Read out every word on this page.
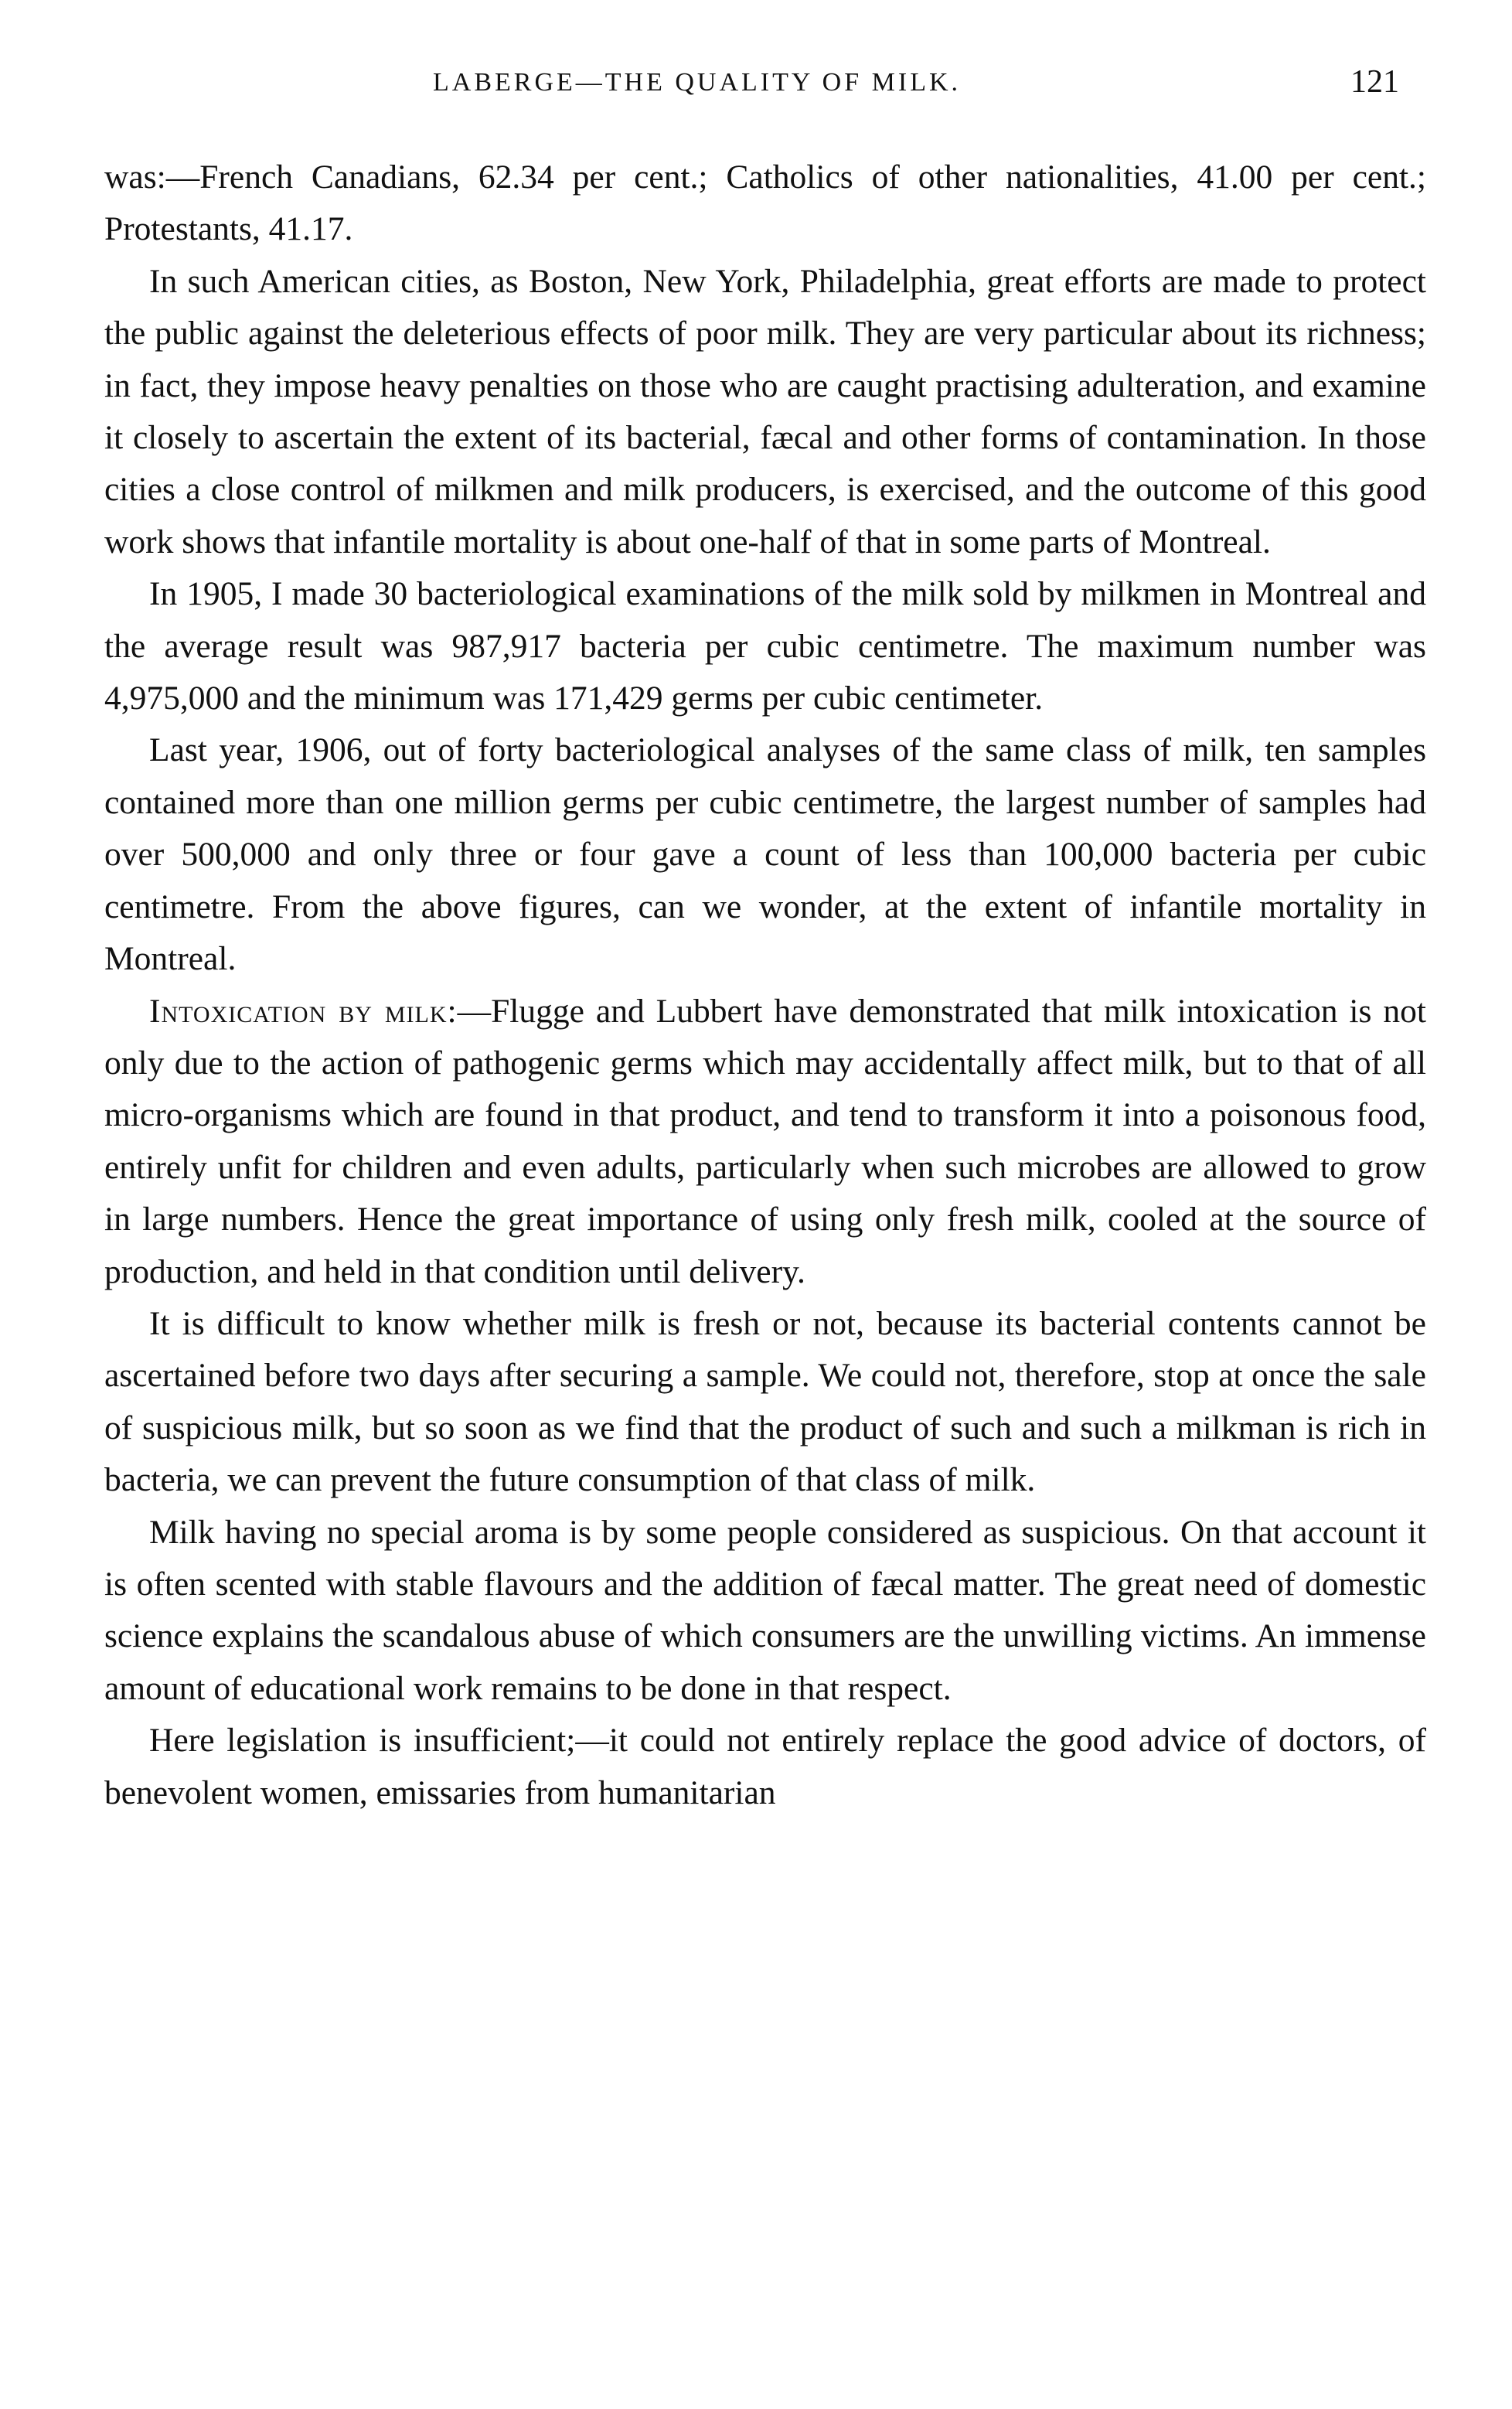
LABERGE—THE QUALITY OF MILK.	121

was:—French Canadians, 62.34 per cent.; Catholics of other nationalities, 41.00 per cent.; Protestants, 41.17.

In such American cities, as Boston, New York, Philadelphia, great efforts are made to protect the public against the deleterious effects of poor milk. They are very particular about its richness; in fact, they impose heavy penalties on those who are caught practising adulteration, and examine it closely to ascertain the extent of its bacterial, fæcal and other forms of contamination. In those cities a close control of milkmen and milk producers, is exercised, and the outcome of this good work shows that infantile mortality is about one-half of that in some parts of Montreal.

In 1905, I made 30 bacteriological examinations of the milk sold by milkmen in Montreal and the average result was 987,917 bacteria per cubic centimetre. The maximum number was 4,975,000 and the minimum was 171,429 germs per cubic centimeter.

Last year, 1906, out of forty bacteriological analyses of the same class of milk, ten samples contained more than one million germs per cubic centimetre, the largest number of samples had over 500,000 and only three or four gave a count of less than 100,000 bacteria per cubic centimetre. From the above figures, can we wonder, at the extent of infantile mortality in Montreal.

Intoxication by milk:—Flugge and Lubbert have demonstrated that milk intoxication is not only due to the action of pathogenic germs which may accidentally affect milk, but to that of all micro-organisms which are found in that product, and tend to transform it into a poisonous food, entirely unfit for children and even adults, particularly when such microbes are allowed to grow in large numbers. Hence the great importance of using only fresh milk, cooled at the source of production, and held in that condition until delivery.

It is difficult to know whether milk is fresh or not, because its bacterial contents cannot be ascertained before two days after securing a sample. We could not, therefore, stop at once the sale of suspicious milk, but so soon as we find that the product of such and such a milkman is rich in bacteria, we can prevent the future consumption of that class of milk.

Milk having no special aroma is by some people considered as suspicious. On that account it is often scented with stable flavours and the addition of fæcal matter. The great need of domestic science explains the scandalous abuse of which consumers are the unwilling victims. An immense amount of educational work remains to be done in that respect.

Here legislation is insufficient;—it could not entirely replace the good advice of doctors, of benevolent women, emissaries from humanitarian
